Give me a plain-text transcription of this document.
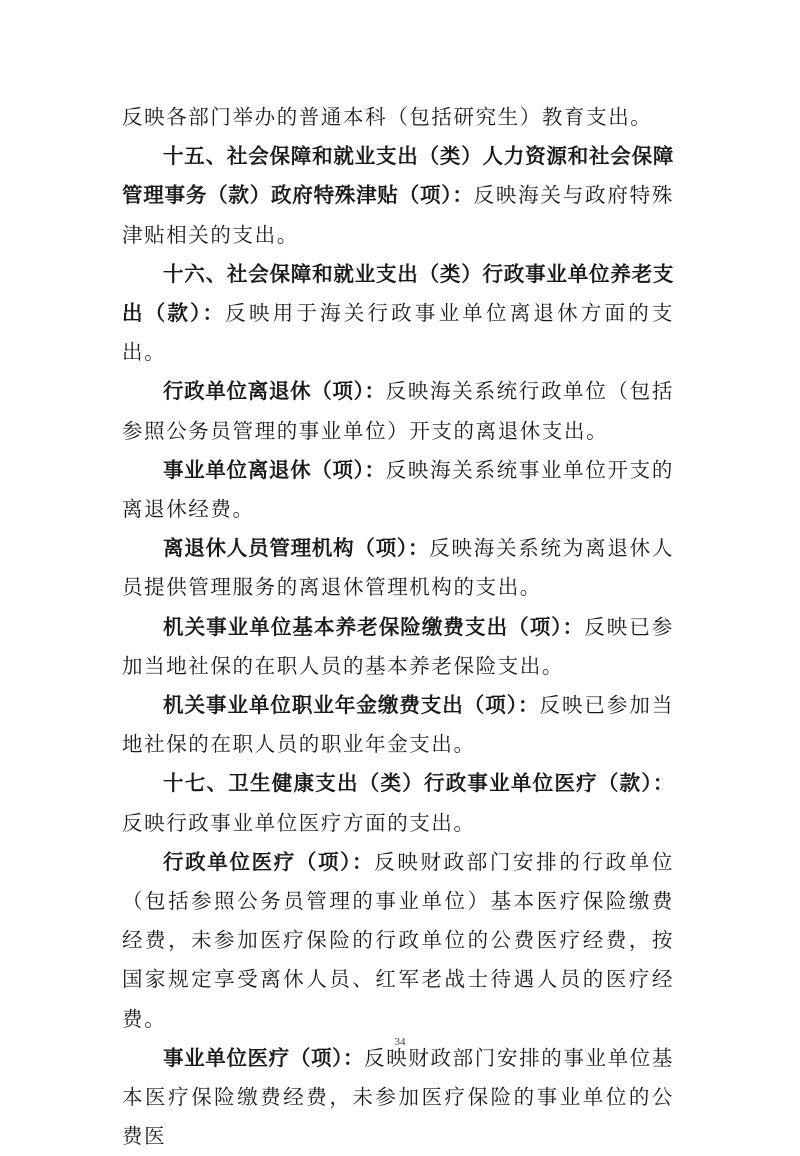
反映各部门举办的普通本科（包括研究生）教育支出。

十五、社会保障和就业支出（类）人力资源和社会保障管理事务（款）政府特殊津贴（项）：反映海关与政府特殊津贴相关的支出。

十六、社会保障和就业支出（类）行政事业单位养老支出（款）：反映用于海关行政事业单位离退休方面的支出。

行政单位离退休（项）：反映海关系统行政单位（包括参照公务员管理的事业单位）开支的离退休支出。

事业单位离退休（项）：反映海关系统事业单位开支的离退休经费。

离退休人员管理机构（项）：反映海关系统为离退休人员提供管理服务的离退休管理机构的支出。

机关事业单位基本养老保险缴费支出（项）：反映已参加当地社保的在职人员的基本养老保险支出。

机关事业单位职业年金缴费支出（项）：反映已参加当地社保的在职人员的职业年金支出。

十七、卫生健康支出（类）行政事业单位医疗（款）：反映行政事业单位医疗方面的支出。

行政单位医疗（项）：反映财政部门安排的行政单位（包括参照公务员管理的事业单位）基本医疗保险缴费经费，未参加医疗保险的行政单位的公费医疗经费，按国家规定享受离休人员、红军老战士待遇人员的医疗经费。

事业单位医疗（项）：反映财政部门安排的事业单位基本医疗保险缴费经费，未参加医疗保险的事业单位的公费医

34
